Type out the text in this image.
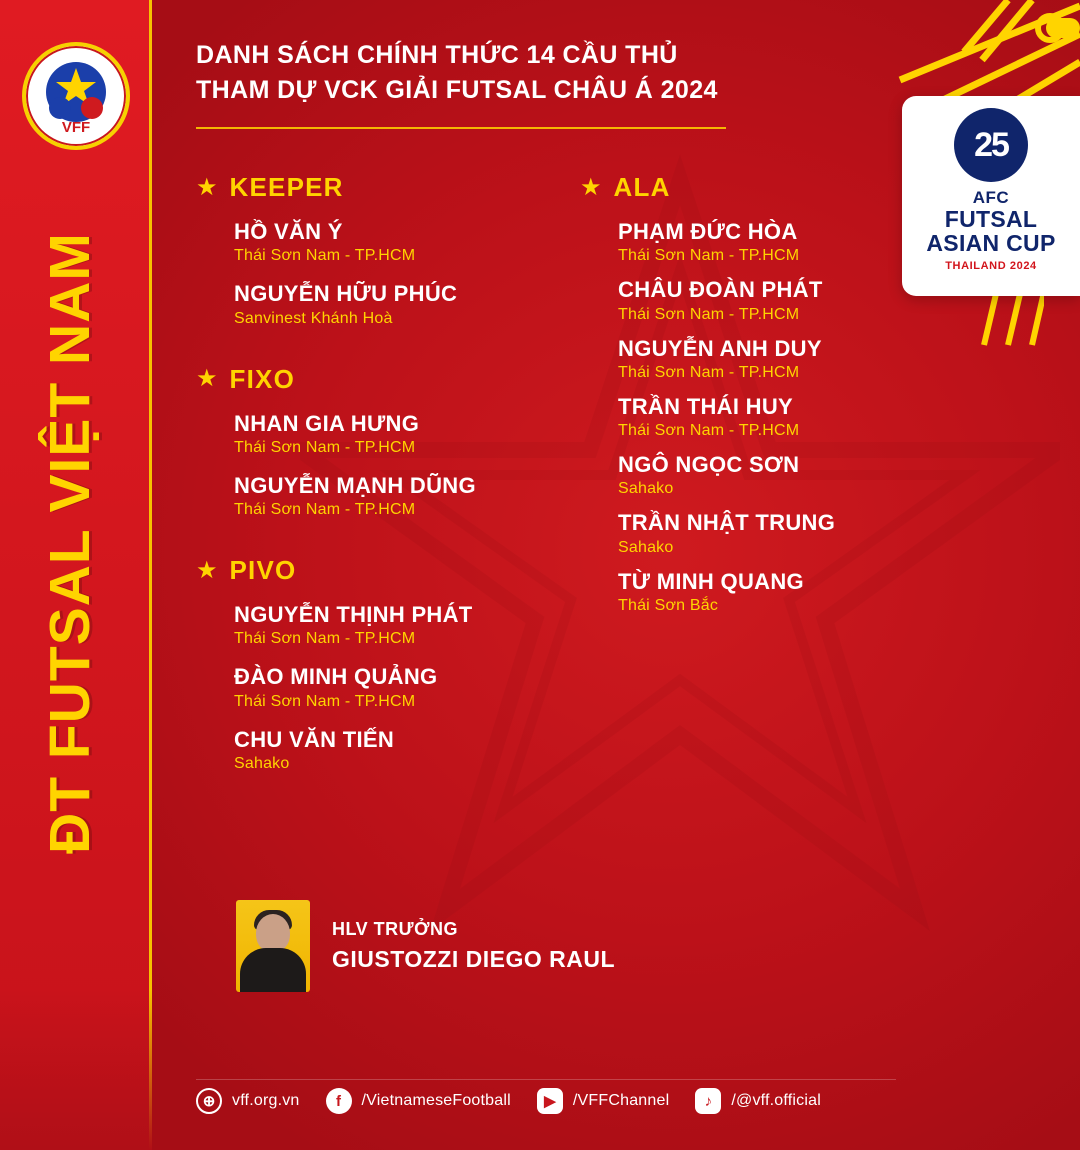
VFF
ĐT FUTSAL VIỆT NAM
DANH SÁCH CHÍNH THỨC 14 CẦU THỦ
THAM DỰ VCK GIẢI FUTSAL CHÂU Á 2024
25
AFC
FUTSAL
ASIAN CUP
THAILAND 2024
★ KEEPER
HỒ VĂN Ý
Thái Sơn Nam - TP.HCM
NGUYỄN HỮU PHÚC
Sanvinest Khánh Hoà
★ FIXO
NHAN GIA HƯNG
Thái Sơn Nam - TP.HCM
NGUYỄN MẠNH DŨNG
Thái Sơn Nam - TP.HCM
★ PIVO
NGUYỄN THỊNH PHÁT
Thái Sơn Nam - TP.HCM
ĐÀO MINH QUẢNG
Thái Sơn Nam - TP.HCM
CHU VĂN TIẾN
Sahako
★ ALA
PHẠM ĐỨC HÒA
Thái Sơn Nam - TP.HCM
CHÂU ĐOÀN PHÁT
Thái Sơn Nam - TP.HCM
NGUYỄN ANH DUY
Thái Sơn Nam - TP.HCM
TRẦN THÁI HUY
Thái Sơn Nam - TP.HCM
NGÔ NGỌC SƠN
Sahako
TRẦN NHẬT TRUNG
Sahako
TỪ MINH QUANG
Thái Sơn Bắc
HLV TRƯỞNG
GIUSTOZZI DIEGO RAUL
⊕	vff.org.vn	f	/VietnameseFootball	▶	/VFFChannel	♪	/@vff.official
